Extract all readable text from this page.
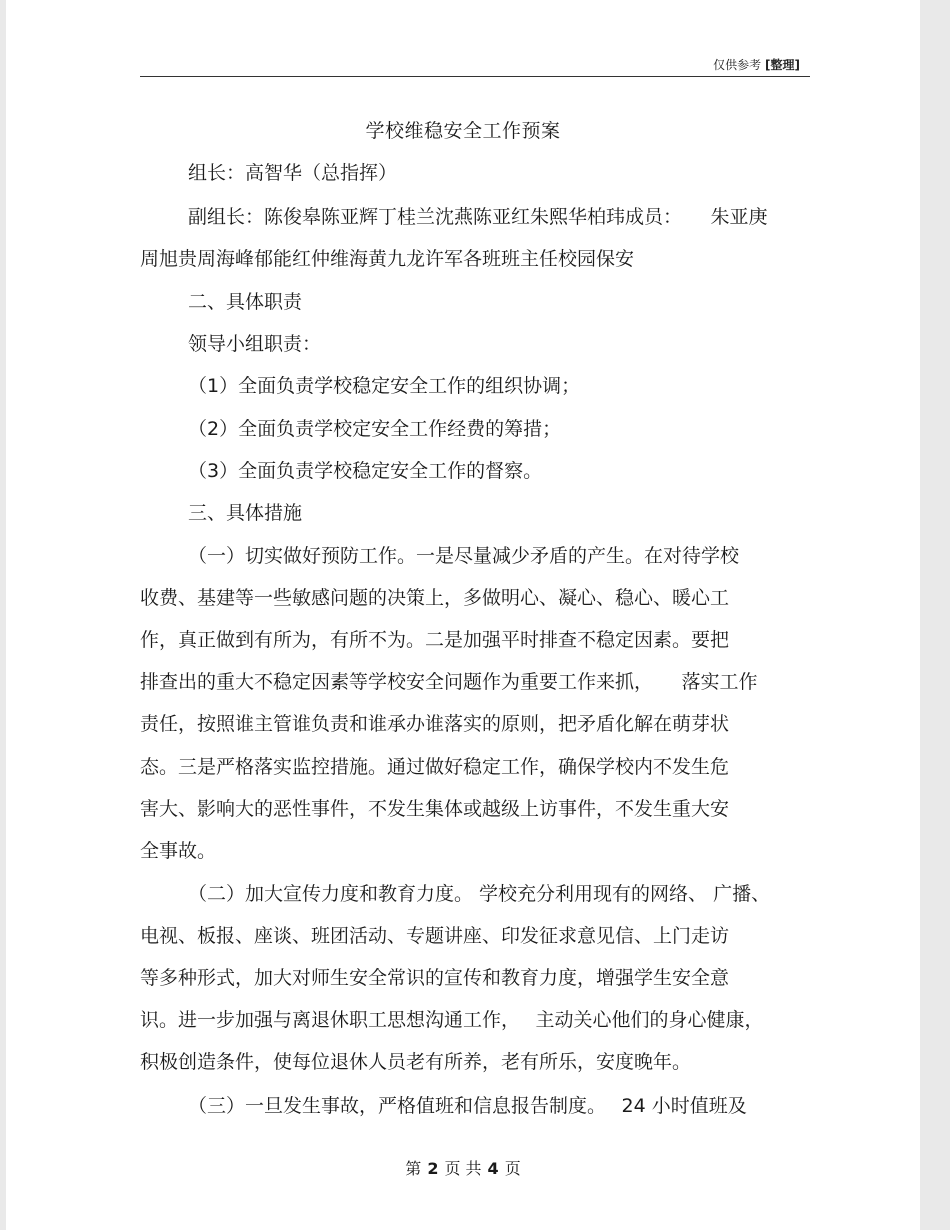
仅供参考 [整理]
学校维稳安全工作预案
组长：高智华（总指挥）
副组长：陈俊皋陈亚辉丁桂兰沈燕陈亚红朱熙华柏玮成员：　　朱亚庚
周旭贵周海峰郁能红仲维海黄九龙许军各班班主任校园保安
二、具体职责
领导小组职责：
（1）全面负责学校稳定安全工作的组织协调；
（2）全面负责学校定安全工作经费的筹措；
（3）全面负责学校稳定安全工作的督察。
三、具体措施
（一）切实做好预防工作。一是尽量减少矛盾的产生。在对待学校
收费、基建等一些敏感问题的决策上，多做明心、凝心、稳心、暖心工
作，真正做到有所为，有所不为。二是加强平时排查不稳定因素。要把
排查出的重大不稳定因素等学校安全问题作为重要工作来抓，　　落实工作
责任，按照谁主管谁负责和谁承办谁落实的原则，把矛盾化解在萌芽状
态。三是严格落实监控措施。通过做好稳定工作，确保学校内不发生危
害大、影响大的恶性事件，不发生集体或越级上访事件，不发生重大安
全事故。
（二）加大宣传力度和教育力度。 学校充分利用现有的网络、 广播、
电视、板报、座谈、班团活动、专题讲座、印发征求意见信、上门走访
等多种形式，加大对师生安全常识的宣传和教育力度，增强学生安全意
识。进一步加强与离退休职工思想沟通工作，　 主动关心他们的身心健康，
积极创造条件，使每位退休人员老有所养，老有所乐，安度晚年。
（三）一旦发生事故，严格值班和信息报告制度。　 24 小时值班及
第 2 页 共 4 页
